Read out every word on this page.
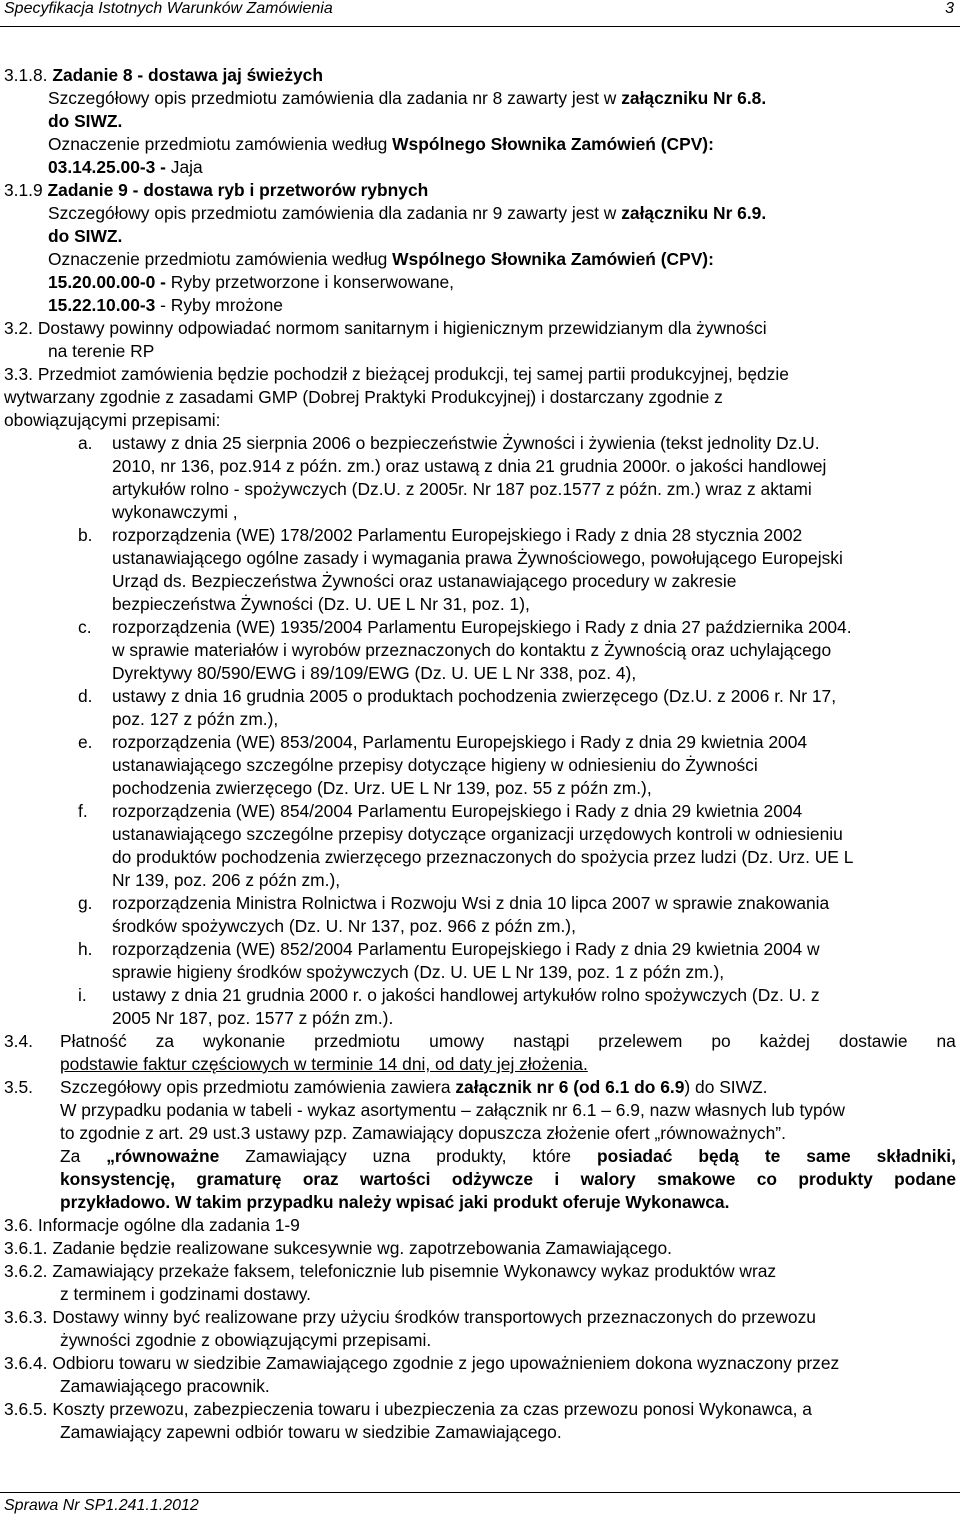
Specyfikacja Istotnych Warunków Zamówienia	3
3.1.8. Zadanie 8 - dostawa jaj świeżych
Szczegółowy opis przedmiotu zamówienia dla zadania nr 8 zawarty jest w załączniku Nr 6.8.
do SIWZ.
Oznaczenie przedmiotu zamówienia według Wspólnego Słownika Zamówień (CPV):
03.14.25.00-3 - Jaja
3.1.9 Zadanie 9 - dostawa ryb i przetworów rybnych
Szczegółowy opis przedmiotu zamówienia dla zadania nr 9 zawarty jest w załączniku Nr 6.9.
do SIWZ.
Oznaczenie przedmiotu zamówienia według Wspólnego Słownika Zamówień (CPV):
15.20.00.00-0 - Ryby przetworzone i konserwowane,
15.22.10.00-3 - Ryby mrożone
3.2. Dostawy powinny odpowiadać normom sanitarnym i higienicznym przewidzianym dla żywności
na terenie RP
3.3. Przedmiot zamówienia będzie pochodził z bieżącej produkcji, tej samej partii produkcyjnej, będzie
wytwarzany zgodnie z zasadami GMP (Dobrej Praktyki Produkcyjnej) i dostarczany zgodnie z
obowiązującymi przepisami:
a. ustawy z dnia 25 sierpnia 2006 o bezpieczeństwie Żywności i żywienia (tekst jednolity Dz.U.
2010, nr 136, poz.914 z późn. zm.) oraz ustawą z dnia 21 grudnia 2000r. o jakości handlowej
artykułów rolno - spożywczych (Dz.U. z 2005r. Nr 187 poz.1577 z późn. zm.) wraz z aktami
wykonawczymi ,
b. rozporządzenia (WE) 178/2002 Parlamentu Europejskiego i Rady z dnia 28 stycznia 2002
ustanawiającego ogólne zasady i wymagania prawa Żywnościowego, powołującego Europejski
Urząd ds. Bezpieczeństwa Żywności oraz ustanawiającego procedury w zakresie
bezpieczeństwa Żywności (Dz. U. UE L Nr 31, poz. 1),
c. rozporządzenia (WE) 1935/2004 Parlamentu Europejskiego i Rady z dnia 27 października 2004.
w sprawie materiałów i wyrobów przeznaczonych do kontaktu z Żywnością oraz uchylającego
Dyrektywy 80/590/EWG i 89/109/EWG (Dz. U. UE L Nr 338, poz. 4),
d. ustawy z dnia 16 grudnia 2005 o produktach pochodzenia zwierzęcego (Dz.U. z 2006 r. Nr 17,
poz. 127 z późn zm.),
e. rozporządzenia (WE) 853/2004, Parlamentu Europejskiego i Rady z dnia 29 kwietnia 2004
ustanawiającego szczególne przepisy dotyczące higieny w odniesieniu do Żywności
pochodzenia zwierzęcego (Dz. Urz. UE L Nr 139, poz. 55 z późn zm.),
f. rozporządzenia (WE) 854/2004 Parlamentu Europejskiego i Rady z dnia 29 kwietnia 2004
ustanawiającego szczególne przepisy dotyczące organizacji urzędowych kontroli w odniesieniu
do produktów pochodzenia zwierzęcego przeznaczonych do spożycia przez ludzi (Dz. Urz. UE L
Nr 139, poz. 206 z późn zm.),
g. rozporządzenia Ministra Rolnictwa i Rozwoju Wsi z dnia 10 lipca 2007 w sprawie znakowania
środków spożywczych (Dz. U. Nr 137, poz. 966 z późn zm.),
h. rozporządzenia (WE) 852/2004 Parlamentu Europejskiego i Rady z dnia 29 kwietnia 2004 w
sprawie higieny środków spożywczych (Dz. U. UE L Nr 139, poz. 1 z późn zm.),
i. ustawy z dnia 21 grudnia 2000 r. o jakości handlowej artykułów rolno spożywczych (Dz. U. z
2005 Nr 187, poz. 1577 z późn zm.).
3.4. Płatność za wykonanie przedmiotu umowy nastąpi przelewem po każdej dostawie na
podstawie faktur częściowych w terminie 14 dni, od daty jej złożenia.
3.5. Szczegółowy opis przedmiotu zamówienia zawiera załącznik nr 6 (od 6.1 do 6.9) do SIWZ.
W przypadku podania w tabeli - wykaz asortymentu – załącznik nr 6.1 – 6.9, nazw własnych lub typów
to zgodnie z art. 29 ust.3 ustawy pzp. Zamawiający dopuszcza złożenie ofert „równoważnych”.
Za „równoważne Zamawiający uzna produkty, które posiadać będą te same składniki,
konsystencję, gramaturę oraz wartości odżywcze i walory smakowe co produkty podane
przykładowo. W takim przypadku należy wpisać jaki produkt oferuje Wykonawca.
3.6. Informacje ogólne dla zadania 1-9
3.6.1. Zadanie będzie realizowane sukcesywnie wg. zapotrzebowania Zamawiającego.
3.6.2. Zamawiający przekaże faksem, telefonicznie lub pisemnie Wykonawcy wykaz produktów wraz
z terminem i godzinami dostawy.
3.6.3. Dostawy winny być realizowane przy użyciu środków transportowych przeznaczonych do przewozu
żywności zgodnie z obowiązującymi przepisami.
3.6.4. Odbioru towaru w siedzibie Zamawiającego zgodnie z jego upoważnieniem dokona wyznaczony przez
Zamawiającego pracownik.
3.6.5. Koszty przewozu, zabezpieczenia towaru i ubezpieczenia za czas przewozu ponosi Wykonawca, a
Zamawiający zapewni odbiór towaru w siedzibie Zamawiającego.
Sprawa Nr SP1.241.1.2012
